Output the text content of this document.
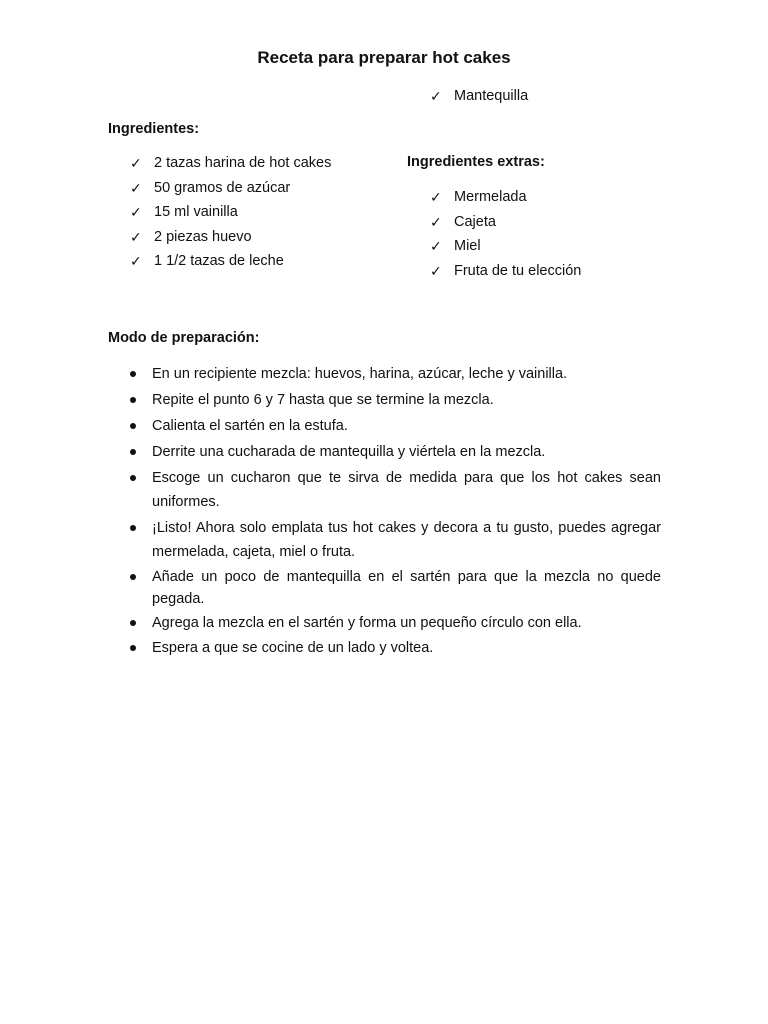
Receta para preparar hot cakes
✓ Mantequilla
Ingredientes:
✓ 2 tazas harina de hot cakes
✓ 50 gramos de azúcar
✓ 15 ml vainilla
✓ 2 piezas huevo
✓ 1 1/2 tazas de leche
Ingredientes extras:
✓ Mermelada
✓ Cajeta
✓ Miel
✓ Fruta de tu elección
Modo de preparación:
En un recipiente mezcla: huevos, harina, azúcar, leche y vainilla.
Repite el punto 6 y 7 hasta que se termine la mezcla.
Calienta el sartén en la estufa.
Derrite una cucharada de mantequilla y viértela en la mezcla.
Escoge un cucharon que te sirva de medida para que los hot cakes sean uniformes.
¡Listo! Ahora solo emplata tus hot cakes y decora a tu gusto, puedes agregar mermelada, cajeta, miel o fruta.
Añade un poco de mantequilla en el sartén para que la mezcla no quede pegada.
Agrega la mezcla en el sartén y forma un pequeño círculo con ella.
Espera a que se cocine de un lado y voltea.
